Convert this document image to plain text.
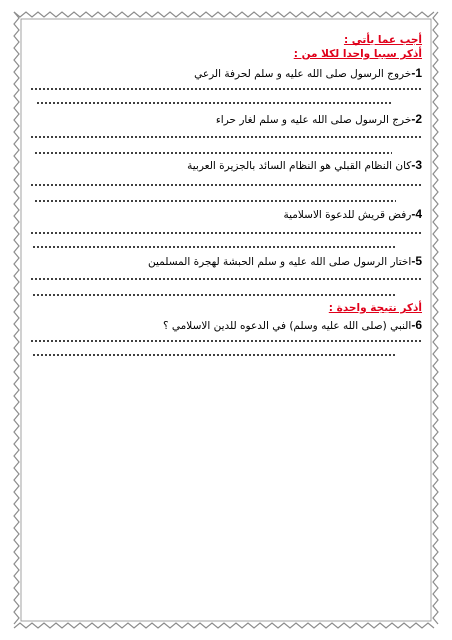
أجب عما يأتي :
أذكر سببا واحدا لكلا من :
1-خروج الرسول صلى الله عليه و سلم لحرفة الرعي
2-خرج الرسول صلى الله عليه و سلم لغار حراء
3-كان النظام القبلي هو النظام السائد بالجزيرة العربية
4-رفض قريش للدعوة الاسلامية
5-اختار الرسول صلى الله عليه و سلم الحبشة لهجرة المسلمين
أذكر نتيجة واحدة :
6-النبي (صلى الله عليه وسلم) في الدعوه للدين الاسلامي ؟
